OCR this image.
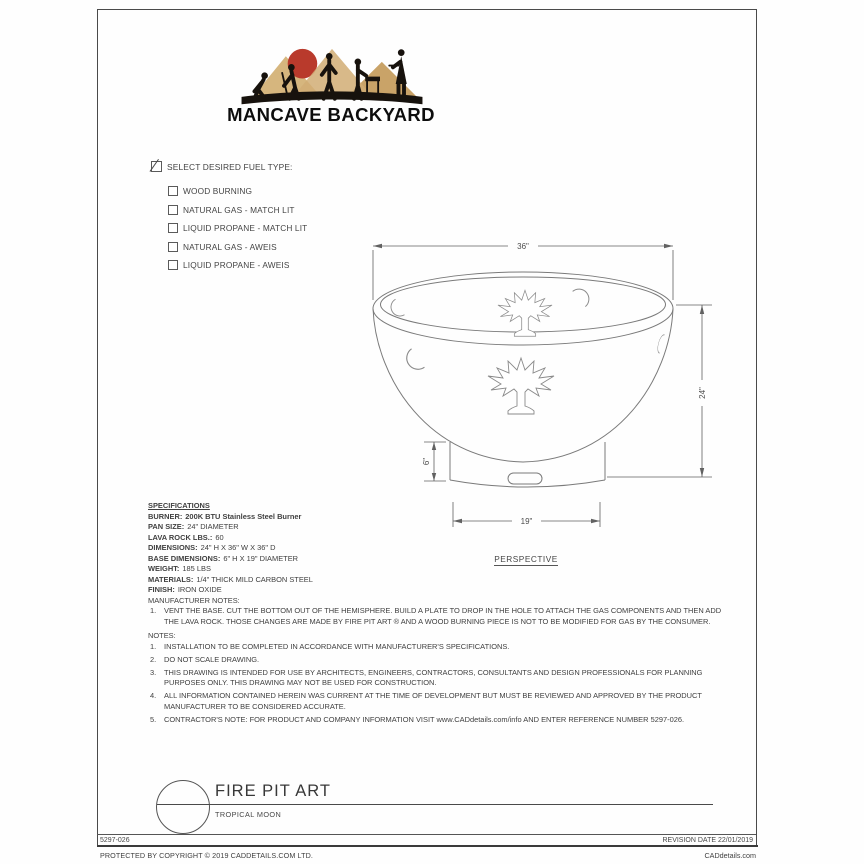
MANCAVE BACKYARD
SELECT DESIRED FUEL TYPE:
WOOD BURNING
NATURAL GAS - MATCH LIT
LIQUID PROPANE - MATCH LIT
NATURAL GAS - AWEIS
LIQUID PROPANE - AWEIS
36"
24"
6"
19"
PERSPECTIVE
SPECIFICATIONS
BURNER: 200K BTU Stainless Steel Burner
PAN SIZE: 24" DIAMETER
LAVA ROCK LBS.: 60
DIMENSIONS: 24" H X 36" W X 36" D
BASE DIMENSIONS: 6" H X 19" DIAMETER
WEIGHT: 185 LBS
MATERIALS: 1/4" THICK MILD CARBON STEEL
FINISH: IRON OXIDE
MANUFACTURER NOTES:
VENT THE BASE. CUT THE BOTTOM OUT OF THE HEMISPHERE. BUILD A PLATE TO DROP IN THE HOLE TO ATTACH THE GAS COMPONENTS AND THEN ADD THE LAVA ROCK. THOSE CHANGES ARE MADE BY FIRE PIT ART ® AND A WOOD BURNING PIECE IS NOT TO BE MODIFIED FOR GAS BY THE CONSUMER.
NOTES:
INSTALLATION TO BE COMPLETED IN ACCORDANCE WITH MANUFACTURER'S SPECIFICATIONS.
DO NOT SCALE DRAWING.
THIS DRAWING IS INTENDED FOR USE BY ARCHITECTS, ENGINEERS, CONTRACTORS, CONSULTANTS AND DESIGN PROFESSIONALS FOR PLANNING PURPOSES ONLY. THIS DRAWING MAY NOT BE USED FOR CONSTRUCTION.
ALL INFORMATION CONTAINED HEREIN WAS CURRENT AT THE TIME OF DEVELOPMENT BUT MUST BE REVIEWED AND APPROVED BY THE PRODUCT MANUFACTURER TO BE CONSIDERED ACCURATE.
CONTRACTOR'S NOTE: FOR PRODUCT AND COMPANY INFORMATION VISIT www.CADdetails.com/info AND ENTER REFERENCE NUMBER 5297-026.
FIRE PIT ART
TROPICAL MOON
5297-026	REVISION DATE 22/01/2019
PROTECTED BY COPYRIGHT © 2019 CADDETAILS.COM LTD.	CADdetails.com
